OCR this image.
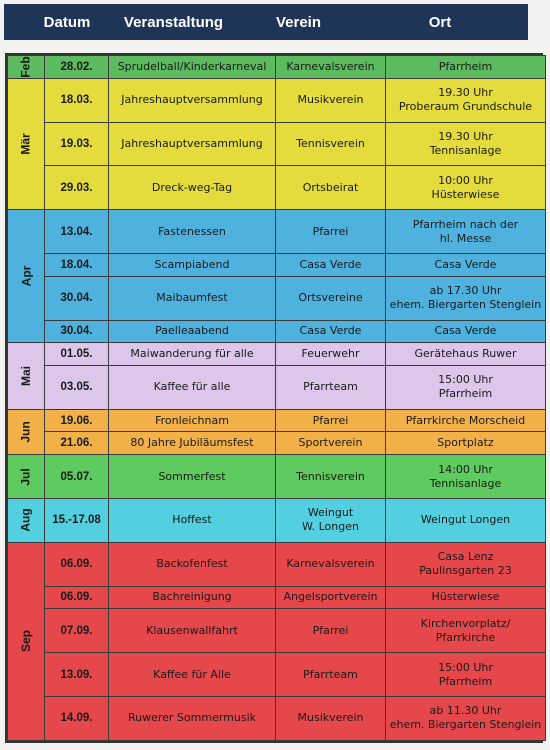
Datum	Veranstaltung	Verein	Ort
Feb	28.02.	Sprudelball/Kinderkarneval	Karnevalsverein	Pfarrheim
Mär	18.03.	Jahreshauptversammlung	Musikverein	19.30 Uhr
Proberaum Grundschule
	19.03.	Jahreshauptversammlung	Tennisverein	19.30 Uhr
Tennisanlage
	29.03.	Dreck-weg-Tag	Ortsbeirat	10:00 Uhr
Hüsterwiese
Apr	13.04.	Fastenessen	Pfarrei	Pfarrheim nach der
hl. Messe
	18.04.	Scampiabend	Casa Verde	Casa Verde
	30.04.	Maibaumfest	Ortsvereine	ab 17.30 Uhr
ehem. Biergarten Stenglein
	30.04.	Paelleaabend	Casa Verde	Casa Verde
Mai	01.05.	Maiwanderung für alle	Feuerwehr	Gerätehaus Ruwer
	03.05.	Kaffee für alle	Pfarrteam	15:00 Uhr
Pfarrheim
Jun	19.06.	Fronleichnam	Pfarrei	Pfarrkirche Morscheid
	21.06.	80 Jahre Jubiläumsfest	Sportverein	Sportplatz
Jul	05.07.	Sommerfest	Tennisverein	14:00 Uhr
Tennisanlage
Aug	15.-17.08	Hoffest	Weingut
W. Longen	Weingut Longen
Sep	06.09.	Backofenfest	Karnevalsverein	Casa Lenz
Paulinsgarten 23
	06.09.	Bachreinigung	Angelsportverein	Hüsterwiese
	07.09.	Klausenwallfahrt	Pfarrei	Kirchenvorplatz/
Pfarrkirche
	13.09.	Kaffee für Alle	Pfarrteam	15:00 Uhr
Pfarrheim
	14.09.	Ruwerer Sommermusik	Musikverein	ab 11.30 Uhr
ehem. Biergarten Stenglein
